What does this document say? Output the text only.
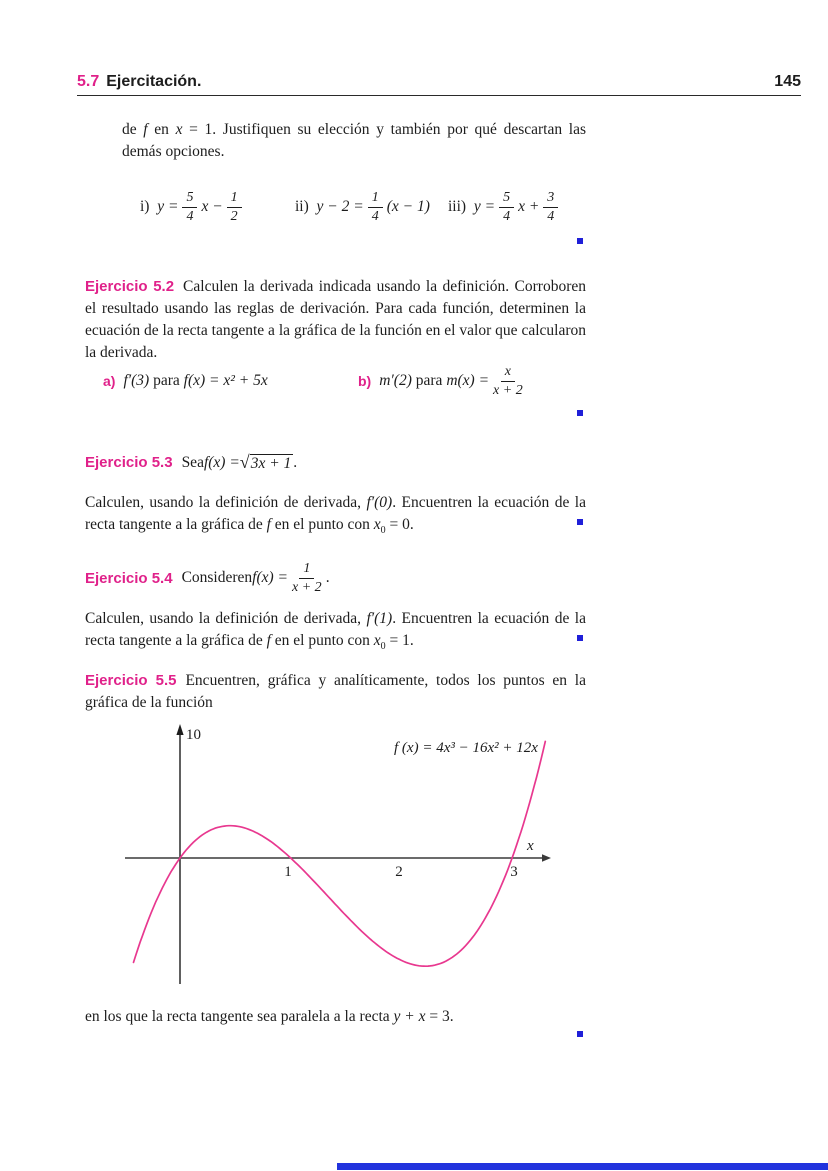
5.7 Ejercitación.	145
de f en x = 1. Justifiquen su elección y también por qué descartan las demás opciones.
i)
$y = \frac{5}{4}$ $x - \frac{1}{2}$	ii)
$y - 2 = \frac{1}{4} (x - 1)$ iii)
$y = \frac{5}{4}$ $x + \frac{3}{4}$
Ejercicio 5.2 Calculen la derivada indicada usando la definición. Corroboren el resultado usando las reglas de derivación. Para cada función, determinen la ecuación de la recta tangente a la gráfica de la función en el valor que calcularon la derivada.
a) f′(3)
para
f(x) = x² + 5x	b) m′(2)
para
$m(x) = \frac{x}{x + 2}$
Ejercicio 5.3 Sea f(x) = √3x + 1 .
Calculen, usando la definición de derivada, f′(0). Encuentren la ecuación de la recta tangente a la gráfica de f en el punto con $x_0 = 0$.
Ejercicio 5.4 Consideren $f(x) = \frac{1}{x + 2}$ .
Calculen, usando la definición de derivada, f′(1). Encuentren la ecuación de la recta tangente a la gráfica de f en el punto con $x_0 = 1$.
Ejercicio 5.5 Encuentren, gráfica y analíticamente, todos los puntos en la gráfica de la función
10
x
1	2	3
f (x) = 4x³ − 16x² + 12x
en los que la recta tangente sea paralela a la recta y + x = 3.
